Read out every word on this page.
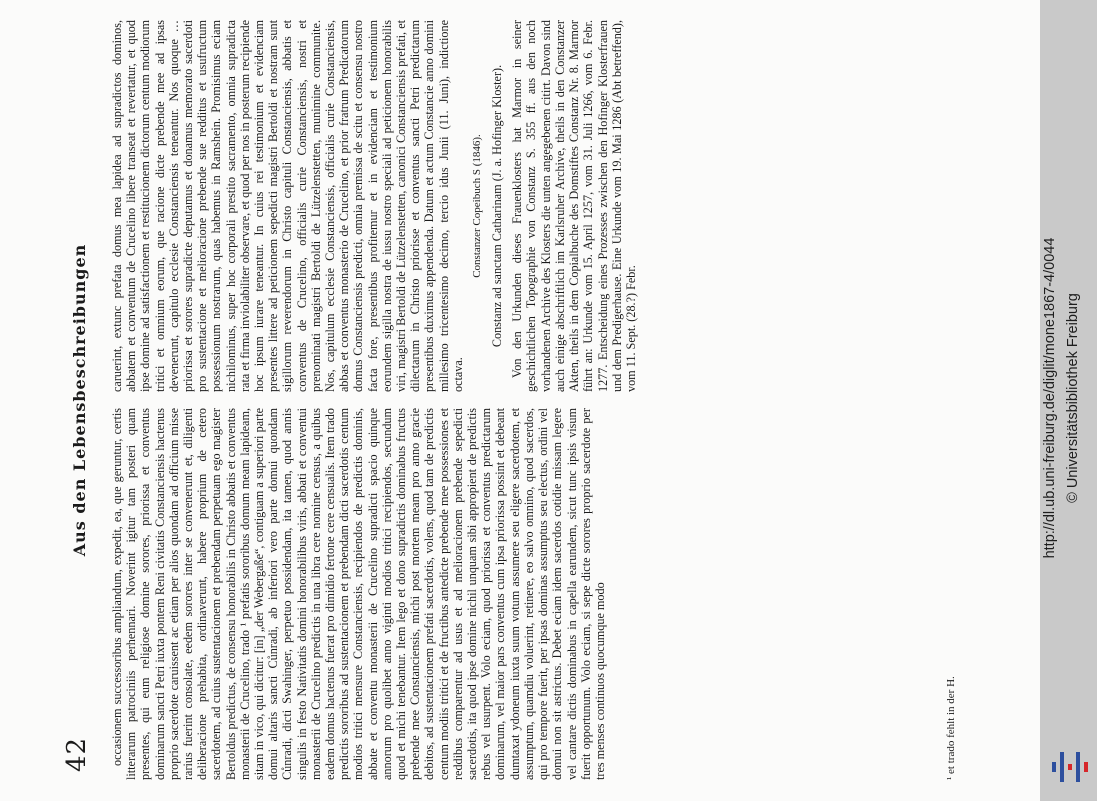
42
Aus den Lebensbeschreibungen

occasionem successoribus ampliandum, expedit, ea, que geruntur, certis litterarum patrociniis perhennari. Noverint igitur tam posteri quam presentes, qui eum religiose domine sorores, priorissa et conventus dominarum sancti Petri iuxta pontem Reni civitatis Constanciensis hactenus proprio sacerdote caruissent ac etiam per alios quondam ad officium misse rarius fuerint consolate, eedem sorores inter se convenerunt et, diligenti deliberacione prehabita, ordinaverunt, habere proprium de cetero sacerdotem, ad cuius sustentacionem et prebendam perpetuam ego magister Bertoldus predictus, de consensu honorabilis in Christo abbatis et conventus monasterii de Crucelino, trado ¹ prefatis sororibus domum meam lapideam, sitam in vico, qui dicitur: [in] „der Webergaße“, contiguam a superiori parte domui altaris sancti Cůnradi, ab inferiori vero parte domui quondam Cůnradi, dicti Swahinger, perpetuo possidendam, ita tamen, quod annis singulis in festo Nativitatis domini honorabilibus viris, abbati et conventui monasterii de Crucelino predictis in una libra cere nomine census, a quibus eadem domus hactenus fuerat pro dimidio fertone cere censualis. Item trado predictis sororibus ad sustentacionem et prebendam dicti sacerdotis centum modios tritici mensure Constanciensis, recipiendos de predictis dominis, abbate et conventu monasterii de Crucelino supradicti spacio quinque annorum pro quolibet anno viginti modios tritici recipiendos, secundum quod et michi tenebantur. Item lego et dono supradictis dominabus fructus prebende mee Constanciensis, michi post mortem meam pro anno gracie debitos, ad sustentacionem prefati sacerdotis, volens, quod tam de predictis centum modiis tritici et de fructibus antedicte prebende mee possessiones et reddibus comparentur ad usus et ad melioracionem prebende sepedicti sacerdotis, ita quod ipse domine nichil unquam sibi appropient de predictis rebus vel usurpent. Volo eciam, quod priorissa et conventus predictarum dominarum, vel maior pars conventus cum ipsa priorissa possint et debeant dumtaxat ydoneum iuxta suum votum assumere seu eligere sacerdotem, et assumptum, quamdiu voluerint, retinere, eo salvo omnino, quod sacerdos, qui pro tempore fuerit, per ipsas dominas assumptus seu electus, ordini vel domui non sit astrictus. Debet eciam idem sacerdos cotidie missam legere vel cantare dictis dominabus in capella earundem, sicut tunc ipsis visum fuerit opportunum. Volo eciam, si sepe dicte sorores proprio sacerdote per tres menses continuos quocumque modo

caruerint, extunc prefata domus mea lapidea ad supradictos dominos, abbatem et conventum de Crucelino libere transeat et revertatur, et quod ipse domine ad satisfactionem et restitucionem dictorum centum modiorum tritici et omnium eorum, que racione dicte prebende mee ad ipsas devenerunt, capitulo ecclesie Constanciensis teneantur. Nos quoque … priorissa et sorores supradicte deputamus et donamus memorato sacerdoti pro sustentacione et melioracione prebende sue redditus et usufructum possessionum nostrarum, quas habemus in Ramshein. Promisimus eciam nichilominus, super hoc corporali prestito sacramento, omnia supradicta rata et firma inviolabiliter observare, et quod per nos in posterum recipiende hoc ipsum iurare teneantur. In cuius rei testimonium et evidenciam presentes littere ad peticionem sepedicti magistri Bertoldi et nostram sunt sigillorum reverendorum in Christo capituli Constanciensis, abbatis et conventus de Crucelino, officialis curie Constanciensis, nostri et prenominati magistri Bertoldi de Lützelenstetten, munimine communite. Nos, capitulum ecclesie Constanciensis, officialis curie Constanciensis, abbas et conventus monasterio de Crucelino, et prior fratrum Predicatorum domus Constanciensis predicti, omnia premissa de scitu et consensu nostro facta fore, presentibus profitemur et in evidenciam et testimonium eorundem sigilla nostra de iussu nostro speciali ad peticionem honorabilis viri, magistri Bertoldi de Lützelenstetten, canonici Constanciensis prefati, et dilectarum in Christo priorisse et conventus sancti Petri predictarum presentibus duximus appendenda. Datum et actum Constancie anno domini millesimo tricentesimo decimo, tercio idus Junii (11. Juni), indictione octava.

Constanzer Copeibuch S (1846). Constanz ad sanctam Catharinam (J. a. Hofinger Kloster). Von den Urkunden dieses Frauenklosters hat Marmor in seiner geschichtlichen Topographie von Constanz S. 355 ff. aus den noch vorhandenen Archive des Klosters die unten angegebenen citirt. Davon sind auch einige abschriftlich im Karlsruher Archive, theils in den Constanzer Akten, theils in dem Copialbuche des Domstiftes Constanz Nr. 8. Marmor führt an: Urkunde vom 15. April 1257, vom 31. Juli 1266, vom 6. Febr. 1277. Entscheidung eines Prozesses zwischen den Hofinger Klosterfrauen und dem Predigerhause. Eine Urkunde vom 19. Mai 1286 (Abt betreffend), vom 11. Sept. (28.?) Febr.

¹ et trado fehlt in der H.
http://dl.ub.uni-freiburg.de/diglit/mone1867-4/0044 © Universitätsbibliothek Freiburg
